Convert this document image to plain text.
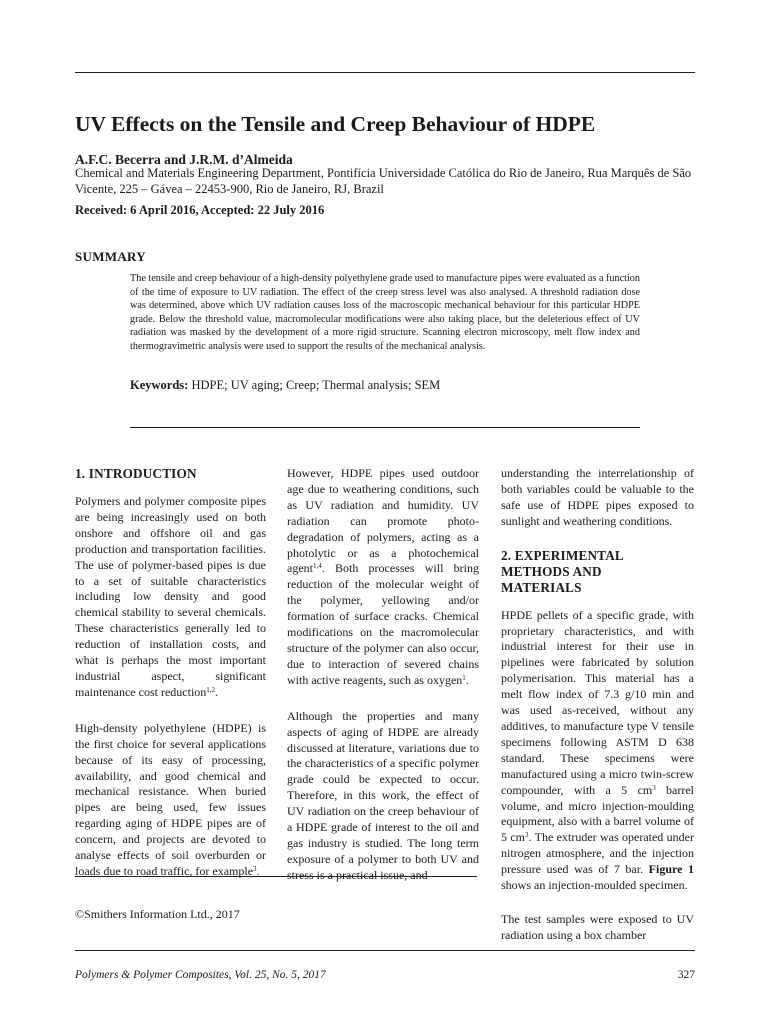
UV Effects on the Tensile and Creep Behaviour of HDPE
A.F.C. Becerra and J.R.M. d’Almeida
Chemical and Materials Engineering Department, Pontifícia Universidade Católica do Rio de Janeiro, Rua Marquês de São Vicente, 225 – Gávea – 22453-900, Rio de Janeiro, RJ, Brazil
Received: 6 April 2016, Accepted: 22 July 2016
SUMMARY
The tensile and creep behaviour of a high-density polyethylene grade used to manufacture pipes were evaluated as a function of the time of exposure to UV radiation. The effect of the creep stress level was also analysed. A threshold radiation dose was determined, above which UV radiation causes loss of the macroscopic mechanical behaviour for this particular HDPE grade. Below the threshold value, macromolecular modifications were also taking place, but the deleterious effect of UV radiation was masked by the development of a more rigid structure. Scanning electron microscopy, melt flow index and thermogravimetric analysis were used to support the results of the mechanical analysis.
Keywords: HDPE; UV aging; Creep; Thermal analysis; SEM
1. INTRODUCTION

Polymers and polymer composite pipes are being increasingly used on both onshore and offshore oil and gas production and transportation facilities. The use of polymer-based pipes is due to a set of suitable characteristics including low density and good chemical stability to several chemicals. These characteristics generally led to reduction of installation costs, and what is perhaps the most important industrial aspect, significant maintenance cost reduction$^{1,2}$.

High-density polyethylene (HDPE) is the first choice for several applications because of its easy of processing, availability, and good chemical and mechanical resistance. When buried pipes are being used, few issues regarding aging of HDPE pipes are of concern, and projects are devoted to analyse effects of soil overburden or loads due to road traffic, for example$^3$.

However, HDPE pipes used outdoor age due to weathering conditions, such as UV radiation and humidity. UV radiation can promote photo-degradation of polymers, acting as a photolytic or as a photochemical agent$^{1,4}$. Both processes will bring reduction of the molecular weight of the polymer, yellowing and/or formation of surface cracks. Chemical modifications on the macromolecular structure of the polymer can also occur, due to interaction of severed chains with active reagents, such as oxygen$^1$.

Although the properties and many aspects of aging of HDPE are already discussed at literature, variations due to the characteristics of a specific polymer grade could be expected to occur. Therefore, in this work, the effect of UV radiation on the creep behaviour of a HDPE grade of interest to the oil and gas industry is studied. The long term exposure of a polymer to both UV and stress is a practical issue, and

understanding the interrelationship of both variables could be valuable to the safe use of HDPE pipes exposed to sunlight and weathering conditions.

2. EXPERIMENTAL METHODS AND MATERIALS

HPDE pellets of a specific grade, with proprietary characteristics, and with industrial interest for their use in pipelines were fabricated by solution polymerisation. This material has a melt flow index of 7.3 g/10 min and was used as-received, without any additives, to manufacture type V tensile specimens following ASTM D 638 standard. These specimens were manufactured using a micro twin-screw compounder, with a 5 $cm^3$ barrel volume, and micro injection-moulding equipment, also with a barrel volume of 5 $cm^3$. The extruder was operated under nitrogen atmosphere, and the injection pressure used was of 7 bar. Figure 1 shows an injection-moulded specimen.

The test samples were exposed to UV radiation using a box chamber

©Smithers Information Ltd., 2017
Polymers & Polymer Composites, Vol. 25, No. 5, 2017	327
